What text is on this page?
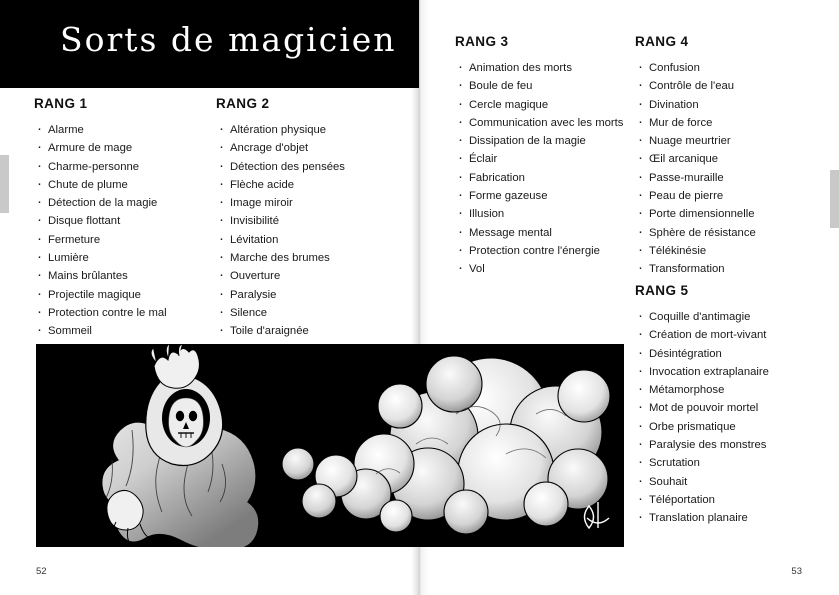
Sorts de magicien
RANG 1
· Alarme
· Armure de mage
· Charme-personne
· Chute de plume
· Détection de la magie
· Disque flottant
· Fermeture
· Lumière
· Mains brûlantes
· Projectile magique
· Protection contre le mal
· Sommeil
RANG 2
· Altération physique
· Ancrage d'objet
· Détection des pensées
· Flèche acide
· Image miroir
· Invisibilité
· Lévitation
· Marche des brumes
· Ouverture
· Paralysie
· Silence
· Toile d'araignée
52	53
RANG 3
· Animation des morts
· Boule de feu
· Cercle magique
· Communication avec les morts
· Dissipation de la magie
· Éclair
· Fabrication
· Forme gazeuse
· Illusion
· Message mental
· Protection contre l'énergie
· Vol
RANG 4
· Confusion
· Contrôle de l'eau
· Divination
· Mur de force
· Nuage meurtrier
· Œil arcanique
· Passe-muraille
· Peau de pierre
· Porte dimensionnelle
· Sphère de résistance
· Télékinésie
· Transformation
RANG 5
· Coquille d'antimagie
· Création de mort-vivant
· Désintégration
· Invocation extraplanaire
· Métamorphose
· Mot de pouvoir mortel
· Orbe prismatique
· Paralysie des monstres
· Scrutation
· Souhait
· Téléportation
· Translation planaire
